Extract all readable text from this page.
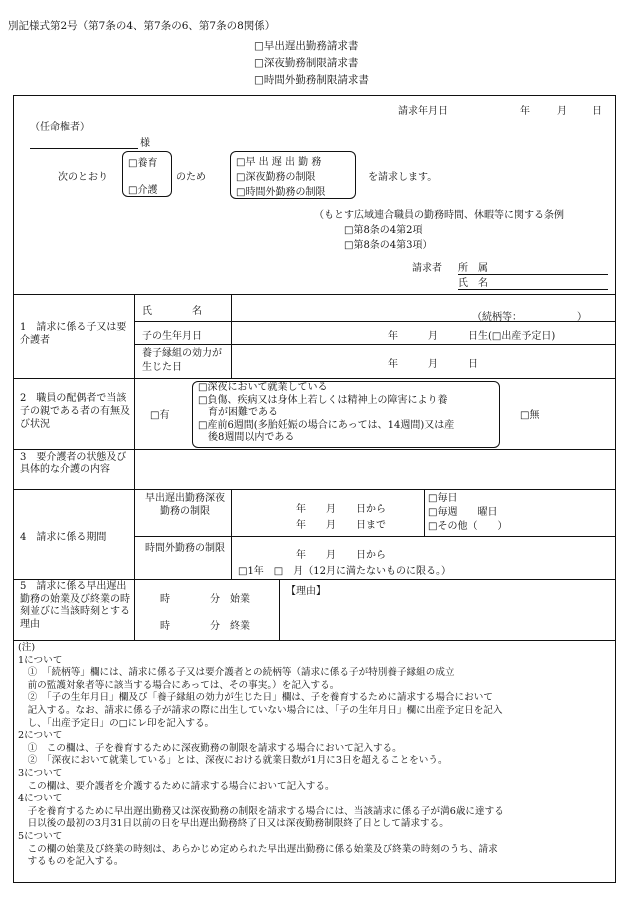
別記様式第2号（第7条の4、第7条の6、第7条の8関係）
□早出遅出勤務請求書
□深夜勤務制限請求書
□時間外勤務制限請求書
請求年月日	年	月	日
（任命権者）
様
次のとおり
□養育
□介護
のため
□早 出 遅 出 勤 務
□深夜勤務の制限
□時間外勤務の制限
を請求します。
（もとす広域連合職員の勤務時間、休暇等に関する条例
□第8条の4第2項
□第8条の4第3項）
請求者 所　属
氏　名
1　請求に係る子又は要介護者
氏　　　　名
（続柄等：　　　　　　）
子の生年月日	年　　　月　　　日生(□出産予定日)
養子縁組の効力が生じた日	年　　　月　　　日
2　職員の配偶者で当該子の親である者の有無及び状況
□有
□深夜において就業している
□負傷、疾病又は身体上若しくは精神上の障害により養
育が困難である
□産前6週間(多胎妊娠の場合にあっては、14週間)又は産
後8週間以内である
□無
3　要介護者の状態及び具体的な介護の内容
4　請求に係る期間
早出遅出勤務深夜勤務の制限	年　　月　　日から
年　　月　　日まで
□毎日
□毎週　　曜日
□その他（　　）
時間外勤務の制限
年　　月　　日から
□1年　□　月（12月に満たないものに限る。）
5　請求に係る早出遅出勤務の始業及び終業の時刻並びに当該時刻とする理由
時　　　　分　始業
時　　　　分　終業
【理由】
(注)
1について
　①　「続柄等」欄には、請求に係る子又は要介護者との続柄等（請求に係る子が特別養子縁組の成立
　前の監護対象者等に該当する場合にあっては、その事実。）を記入する。
　②　「子の生年月日」欄及び「養子縁組の効力が生じた日」欄は、子を養育するために請求する場合において
　記入する。なお、請求に係る子が請求の際に出生していない場合には、「子の生年月日」欄に出産予定日を記入
　し、「出産予定日」の□にレ印を記入する。
2について
　①　この欄は、子を養育するために深夜勤務の制限を請求する場合において記入する。
　②　「深夜において就業している」とは、深夜における就業日数が1月に3日を超えることをいう。
3について
　この欄は、要介護者を介護するために請求する場合において記入する。
4について
　子を養育するために早出遅出勤務又は深夜勤務の制限を請求する場合には、当該請求に係る子が満6歳に達する
　日以後の最初の3月31日以前の日を早出遅出勤務終了日又は深夜勤務制限終了日として請求する。
5について
　この欄の始業及び終業の時刻は、あらかじめ定められた早出遅出勤務に係る始業及び終業の時刻のうち、請求
　するものを記入する。
